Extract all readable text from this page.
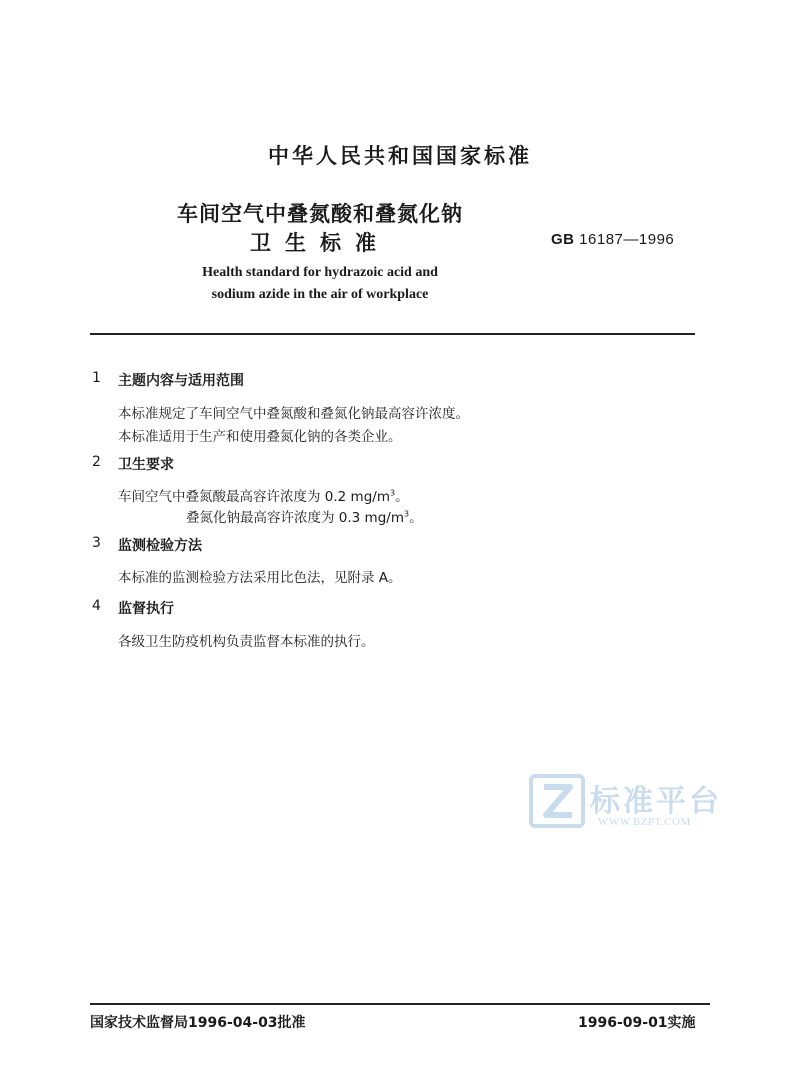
中华人民共和国国家标准
车间空气中叠氮酸和叠氮化钠
卫生标准	GB 16187—1996
Health standard for hydrazoic acid and
sodium azide in the air of workplace
1 主题内容与适用范围
本标准规定了车间空气中叠氮酸和叠氮化钠最高容许浓度。
本标准适用于生产和使用叠氮化钠的各类企业。
2 卫生要求
车间空气中叠氮酸最高容许浓度为 0.2 $mg/m^3$。
叠氮化钠最高容许浓度为 0.3 $mg/m^3$。
3 监测检验方法
本标准的监测检验方法采用比色法，见附录 A。
4 监督执行
各级卫生防疫机构负责监督本标准的执行。
标准平台
WWW.BZPT.COM
国家技术监督局1996-04-03批准	1996-09-01实施
